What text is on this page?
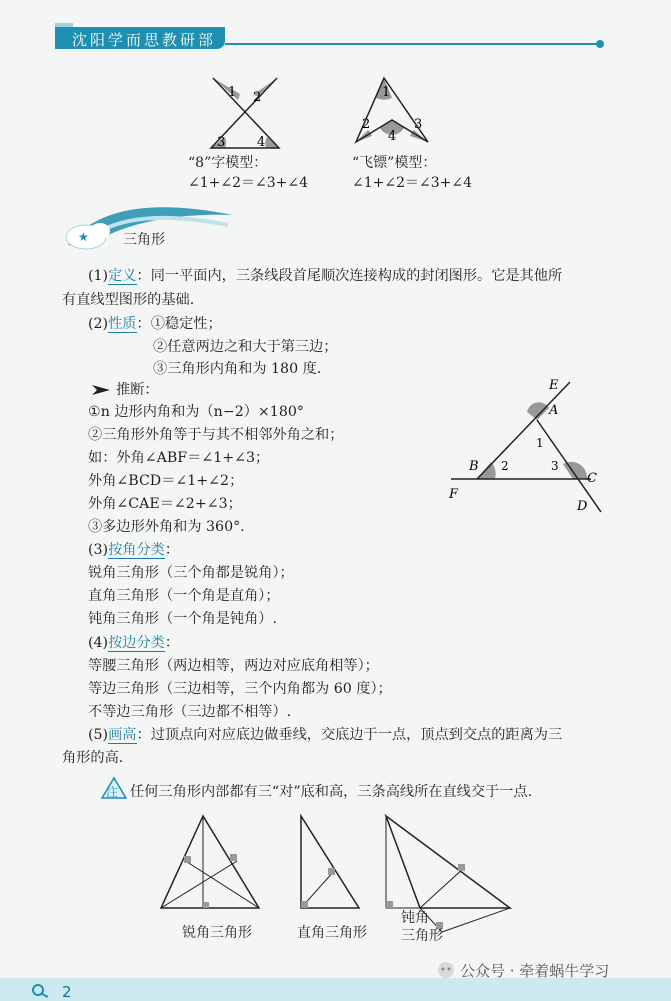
沈阳学而思教研部
1 2
3 4
“8”字模型：
∠1+∠2＝∠3+∠4
1
2	3
4
“飞镖”模型：
∠1+∠2＝∠3+∠4
★ 三角形
(1)定义：同一平面内，三条线段首尾顺次连接构成的封闭图形。它是其他所
有直线型图形的基础.
(2)性质：①稳定性；
②任意两边之和大于第三边；
③三角形内角和为 180 度.
推断：
①n 边形内角和为（n−2）×180°
②三角形外角等于与其不相邻外角之和；
如：外角∠ABF＝∠1+∠3；
外角∠BCD＝∠1+∠2；
外角∠CAE＝∠2+∠3；
③多边形外角和为 360°.
E
A
B
C
F
D
1
2	3
(3)按角分类：
锐角三角形（三个角都是锐角）；
直角三角形（一个角是直角）；
钝角三角形（一个角是钝角）.
(4)按边分类：
等腰三角形（两边相等，两边对应底角相等）；
等边三角形（三边相等，三个内角都为 60 度）；
不等边三角形（三边都不相等）.
(5)画高：过顶点向对应底边做垂线，交底边于一点，顶点到交点的距离为三
角形的高.
注 任何三角形内部都有三“对”底和高，三条高线所在直线交于一点.
锐角三角形	直角三角形
钝角
三角形
2
公众号 · 牵着蜗牛学习
